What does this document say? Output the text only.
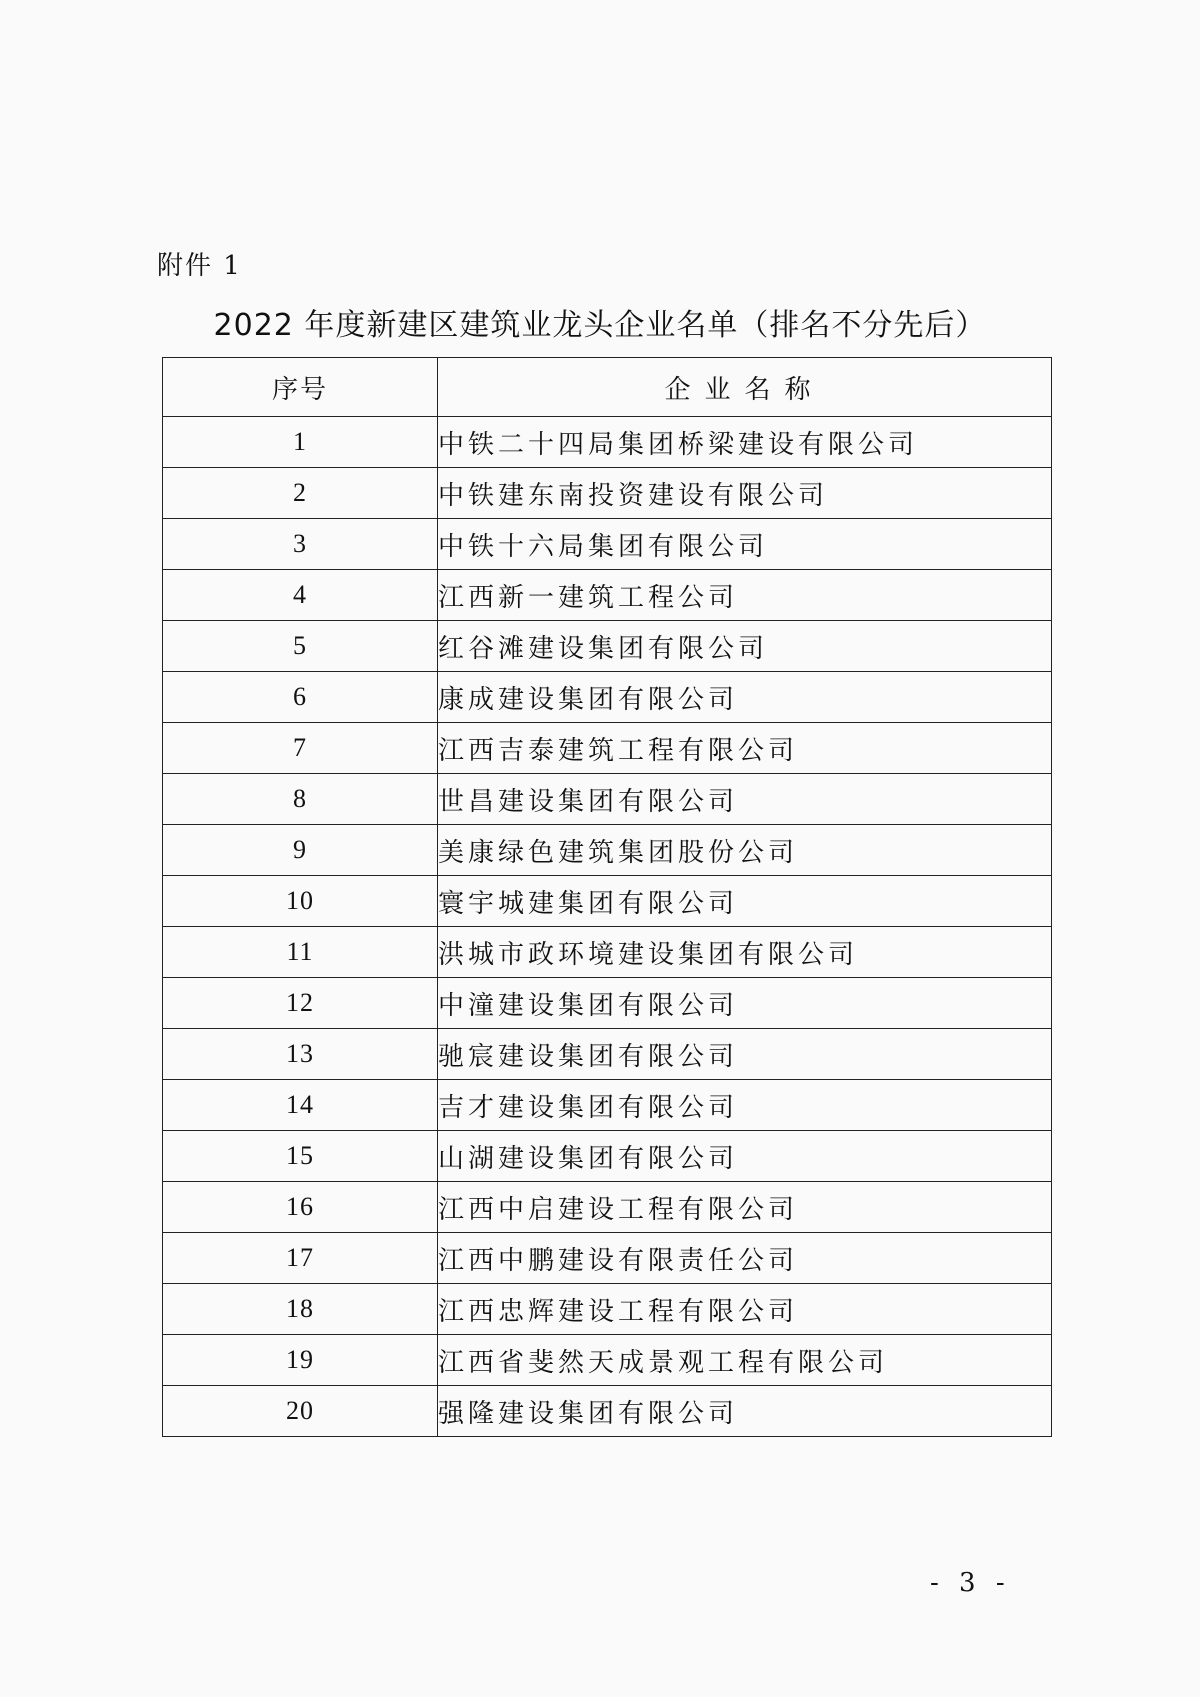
附件 1
2022 年度新建区建筑业龙头企业名单（排名不分先后）
序号	企业名称
1	中铁二十四局集团桥梁建设有限公司
2	中铁建东南投资建设有限公司
3	中铁十六局集团有限公司
4	江西新一建筑工程公司
5	红谷滩建设集团有限公司
6	康成建设集团有限公司
7	江西吉泰建筑工程有限公司
8	世昌建设集团有限公司
9	美康绿色建筑集团股份公司
10	寰宇城建集团有限公司
11	洪城市政环境建设集团有限公司
12	中潼建设集团有限公司
13	驰宸建设集团有限公司
14	吉才建设集团有限公司
15	山湖建设集团有限公司
16	江西中启建设工程有限公司
17	江西中鹏建设有限责任公司
18	江西忠辉建设工程有限公司
19	江西省斐然天成景观工程有限公司
20	强隆建设集团有限公司
- 3 -
